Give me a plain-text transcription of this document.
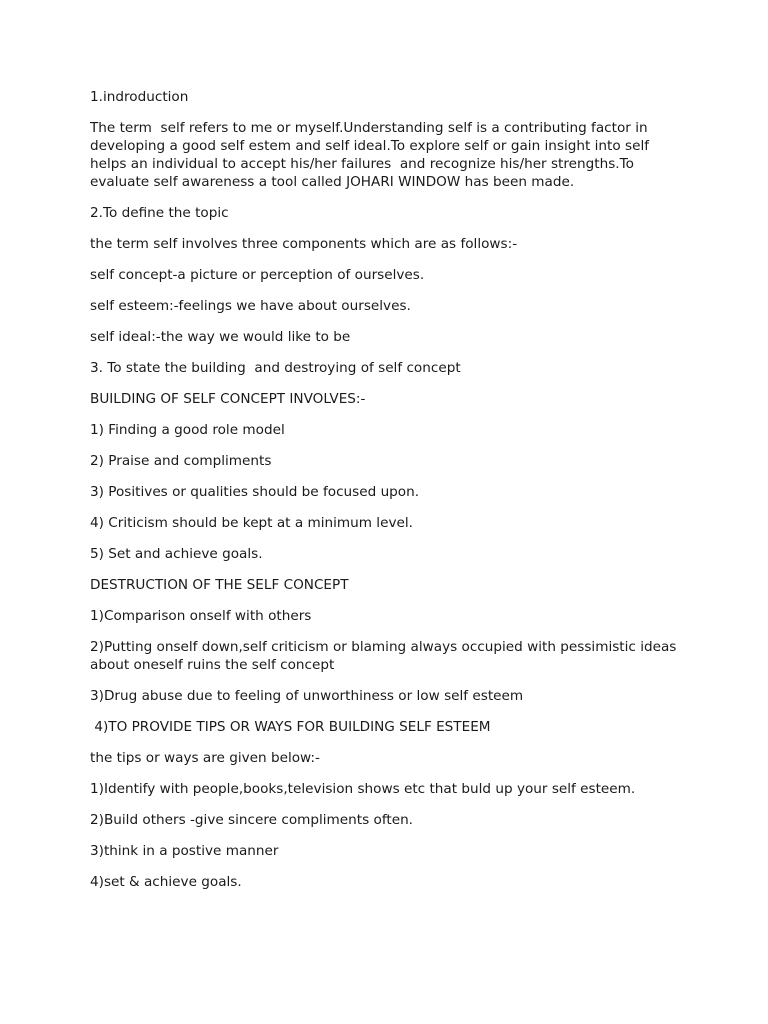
1.indroduction

The term  self refers to me or myself.Understanding self is a contributing factor in developing a good self estem and self ideal.To explore self or gain insight into self helps an individual to accept his/her failures  and recognize his/her strengths.To evaluate self awareness a tool called JOHARI WINDOW has been made.

2.To define the topic

the term self involves three components which are as follows:-

self concept-a picture or perception of ourselves.

self esteem:-feelings we have about ourselves.

self ideal:-the way we would like to be

3. To state the building  and destroying of self concept

BUILDING OF SELF CONCEPT INVOLVES:-

1) Finding a good role model

2) Praise and compliments

3) Positives or qualities should be focused upon.

4) Criticism should be kept at a minimum level.

5) Set and achieve goals.

DESTRUCTION OF THE SELF CONCEPT

1)Comparison onself with others

2)Putting onself down,self criticism or blaming always occupied with pessimistic ideas about oneself ruins the self concept

3)Drug abuse due to feeling of unworthiness or low self esteem

4)TO PROVIDE TIPS OR WAYS FOR BUILDING SELF ESTEEM

the tips or ways are given below:-

1)Identify with people,books,television shows etc that buld up your self esteem.

2)Build others -give sincere compliments often.

3)think in a postive manner

4)set & achieve goals.
